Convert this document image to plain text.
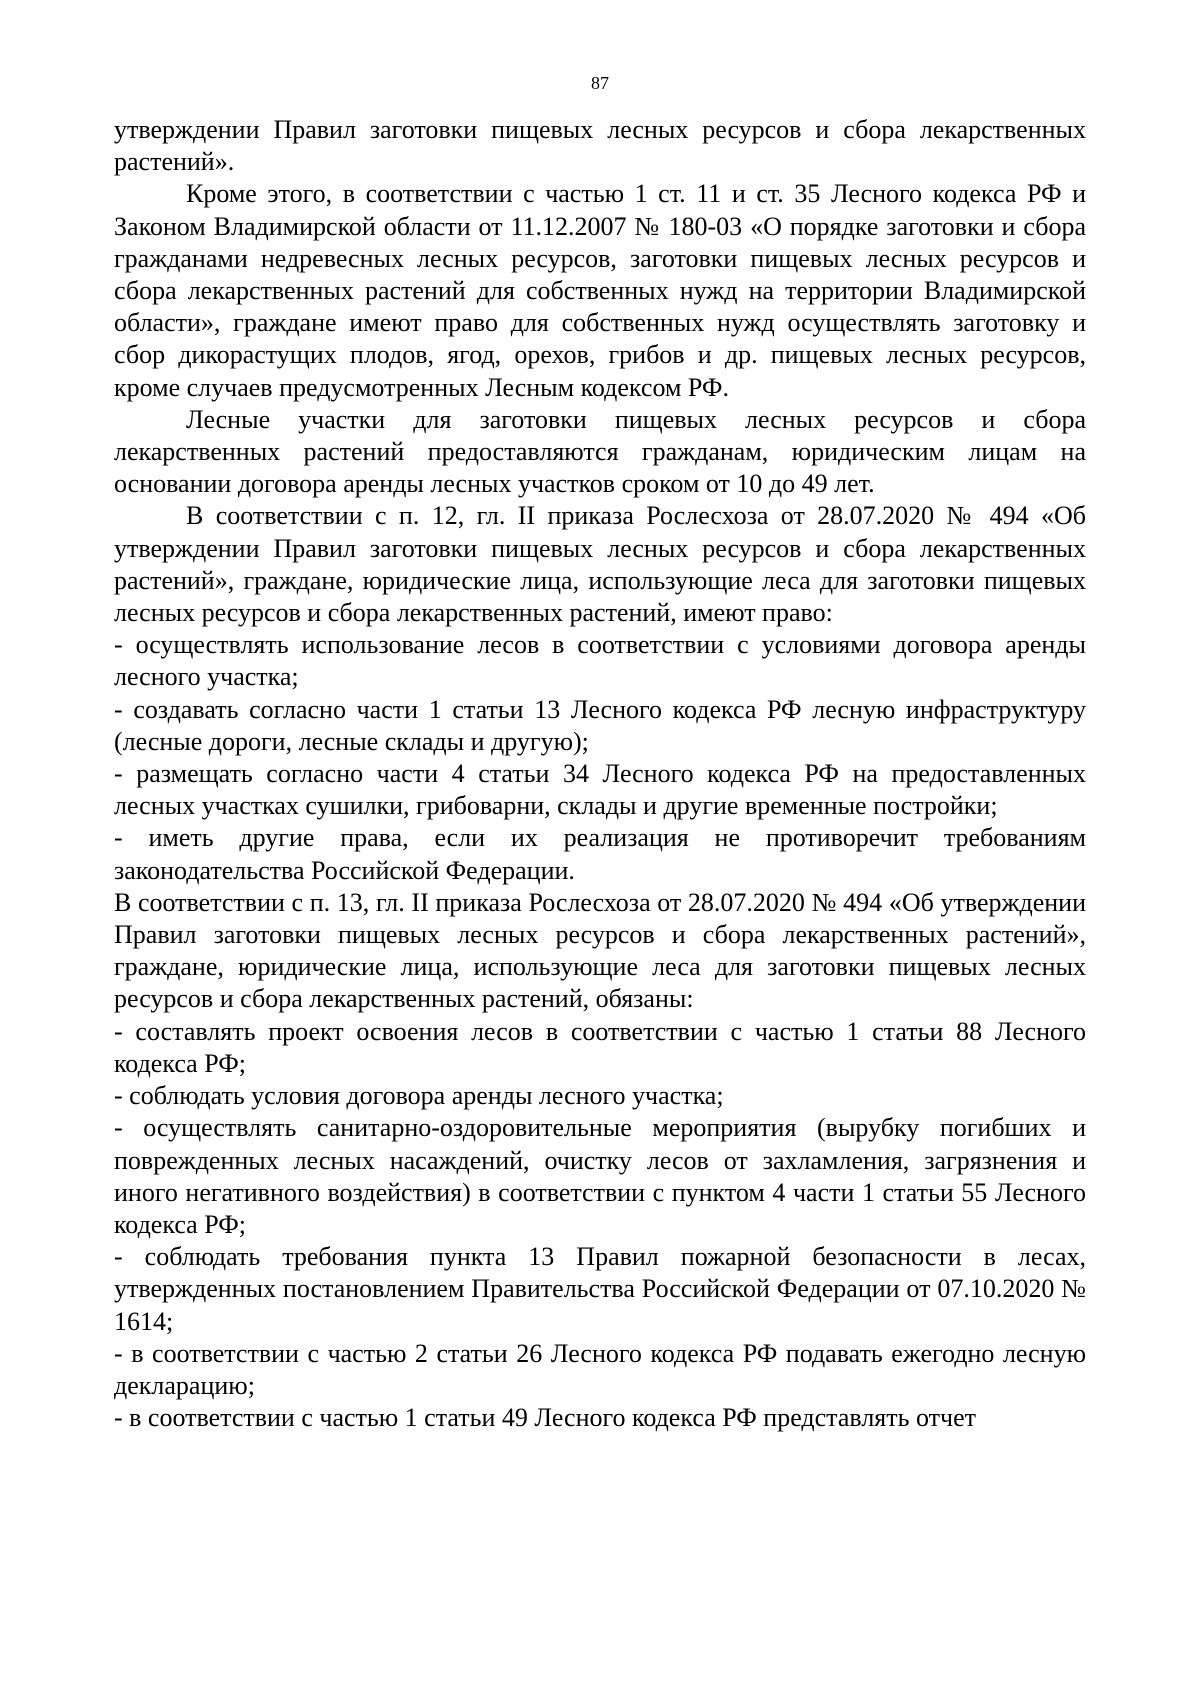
87

утверждении Правил заготовки пищевых лесных ресурсов и сбора лекарственных растений».

Кроме этого, в соответствии с частью 1 ст. 11 и ст. 35 Лесного кодекса РФ и Законом Владимирской области от 11.12.2007 № 180-03 «О порядке заготовки и сбора гражданами недревесных лесных ресурсов, заготовки пищевых лесных ресурсов и сбора лекарственных растений для собственных нужд на территории Владимирской области», граждане имеют право для собственных нужд осуществлять заготовку и сбор дикорастущих плодов, ягод, орехов, грибов и др. пищевых лесных ресурсов, кроме случаев предусмотренных Лесным кодексом РФ.

Лесные участки для заготовки пищевых лесных ресурсов и сбора лекарственных растений предоставляются гражданам, юридическим лицам на основании договора аренды лесных участков сроком от 10 до 49 лет.

В соответствии с п. 12, гл. II приказа Рослесхоза от 28.07.2020 № 494 «Об утверждении Правил заготовки пищевых лесных ресурсов и сбора лекарственных растений», граждане, юридические лица, использующие леса для заготовки пищевых лесных ресурсов и сбора лекарственных растений, имеют право:

- осуществлять использование лесов в соответствии с условиями договора аренды лесного участка;

- создавать согласно части 1 статьи 13 Лесного кодекса РФ лесную инфраструктуру (лесные дороги, лесные склады и другую);

- размещать согласно части 4 статьи 34 Лесного кодекса РФ на предоставленных лесных участках сушилки, грибоварни, склады и другие временные постройки;

- иметь другие права, если их реализация не противоречит требованиям законодательства Российской Федерации.

В соответствии с п. 13, гл. II приказа Рослесхоза от 28.07.2020 № 494 «Об утверждении Правил заготовки пищевых лесных ресурсов и сбора лекарственных растений», граждане, юридические лица, использующие леса для заготовки пищевых лесных ресурсов и сбора лекарственных растений, обязаны:

- составлять проект освоения лесов в соответствии с частью 1 статьи 88 Лесного кодекса РФ;

- соблюдать условия договора аренды лесного участка;

- осуществлять санитарно-оздоровительные мероприятия (вырубку погибших и поврежденных лесных насаждений, очистку лесов от захламления, загрязнения и иного негативного воздействия) в соответствии с пунктом 4 части 1 статьи 55 Лесного кодекса РФ;

- соблюдать требования пункта 13 Правил пожарной безопасности в лесах, утвержденных постановлением Правительства Российской Федерации от 07.10.2020 № 1614;

- в соответствии с частью 2 статьи 26 Лесного кодекса РФ подавать ежегодно лесную декларацию;

- в соответствии с частью 1 статьи 49 Лесного кодекса РФ представлять отчет
